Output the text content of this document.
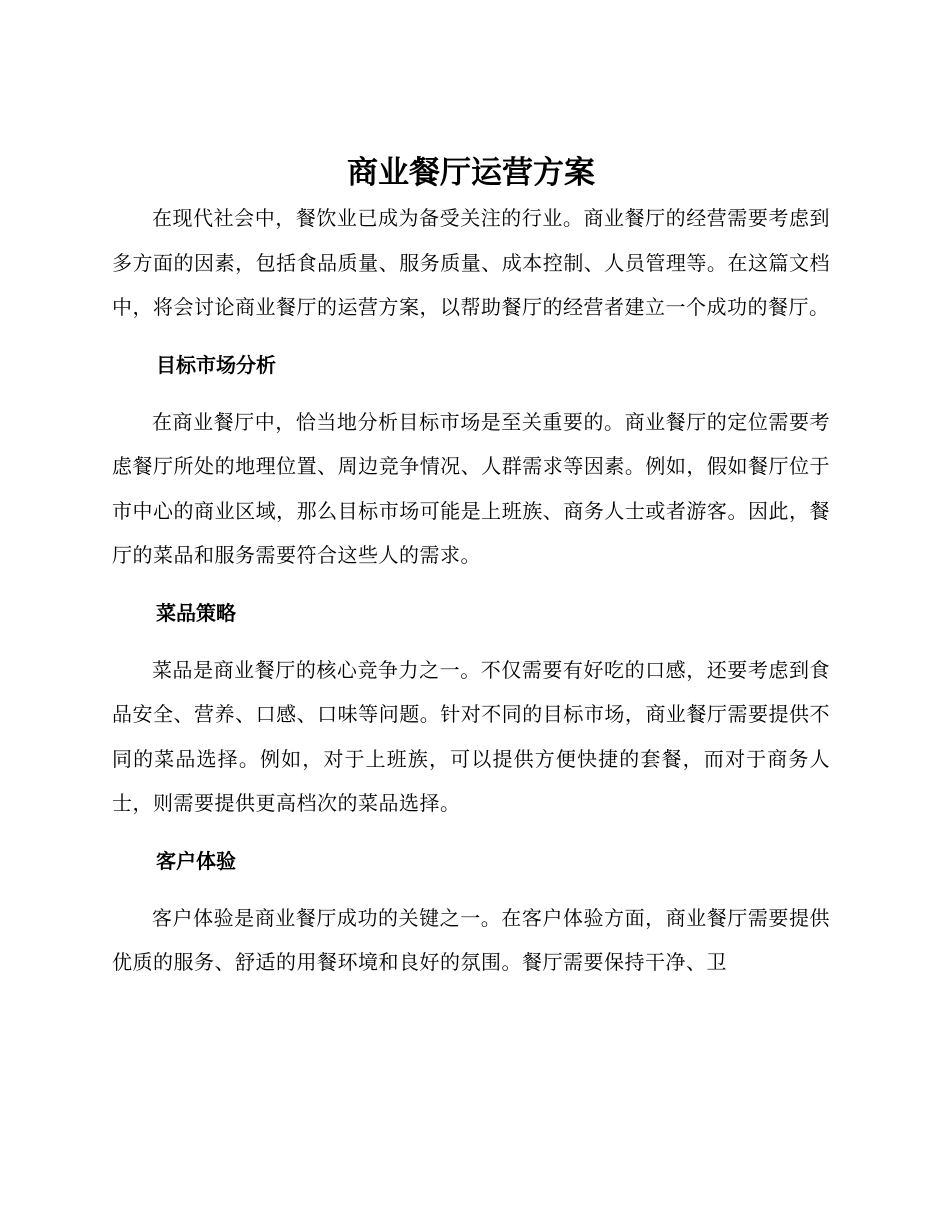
商业餐厅运营方案

在现代社会中，餐饮业已成为备受关注的行业。商业餐厅的经营需要考虑到多方面的因素，包括食品质量、服务质量、成本控制、人员管理等。在这篇文档中，将会讨论商业餐厅的运营方案，以帮助餐厅的经营者建立一个成功的餐厅。

目标市场分析

在商业餐厅中，恰当地分析目标市场是至关重要的。商业餐厅的定位需要考虑餐厅所处的地理位置、周边竞争情况、人群需求等因素。例如，假如餐厅位于市中心的商业区域，那么目标市场可能是上班族、商务人士或者游客。因此，餐厅的菜品和服务需要符合这些人的需求。

菜品策略

菜品是商业餐厅的核心竞争力之一。不仅需要有好吃的口感，还要考虑到食品安全、营养、口感、口味等问题。针对不同的目标市场，商业餐厅需要提供不同的菜品选择。例如，对于上班族，可以提供方便快捷的套餐，而对于商务人士，则需要提供更高档次的菜品选择。

客户体验

客户体验是商业餐厅成功的关键之一。在客户体验方面，商业餐厅需要提供优质的服务、舒适的用餐环境和良好的氛围。餐厅需要保持干净、卫
